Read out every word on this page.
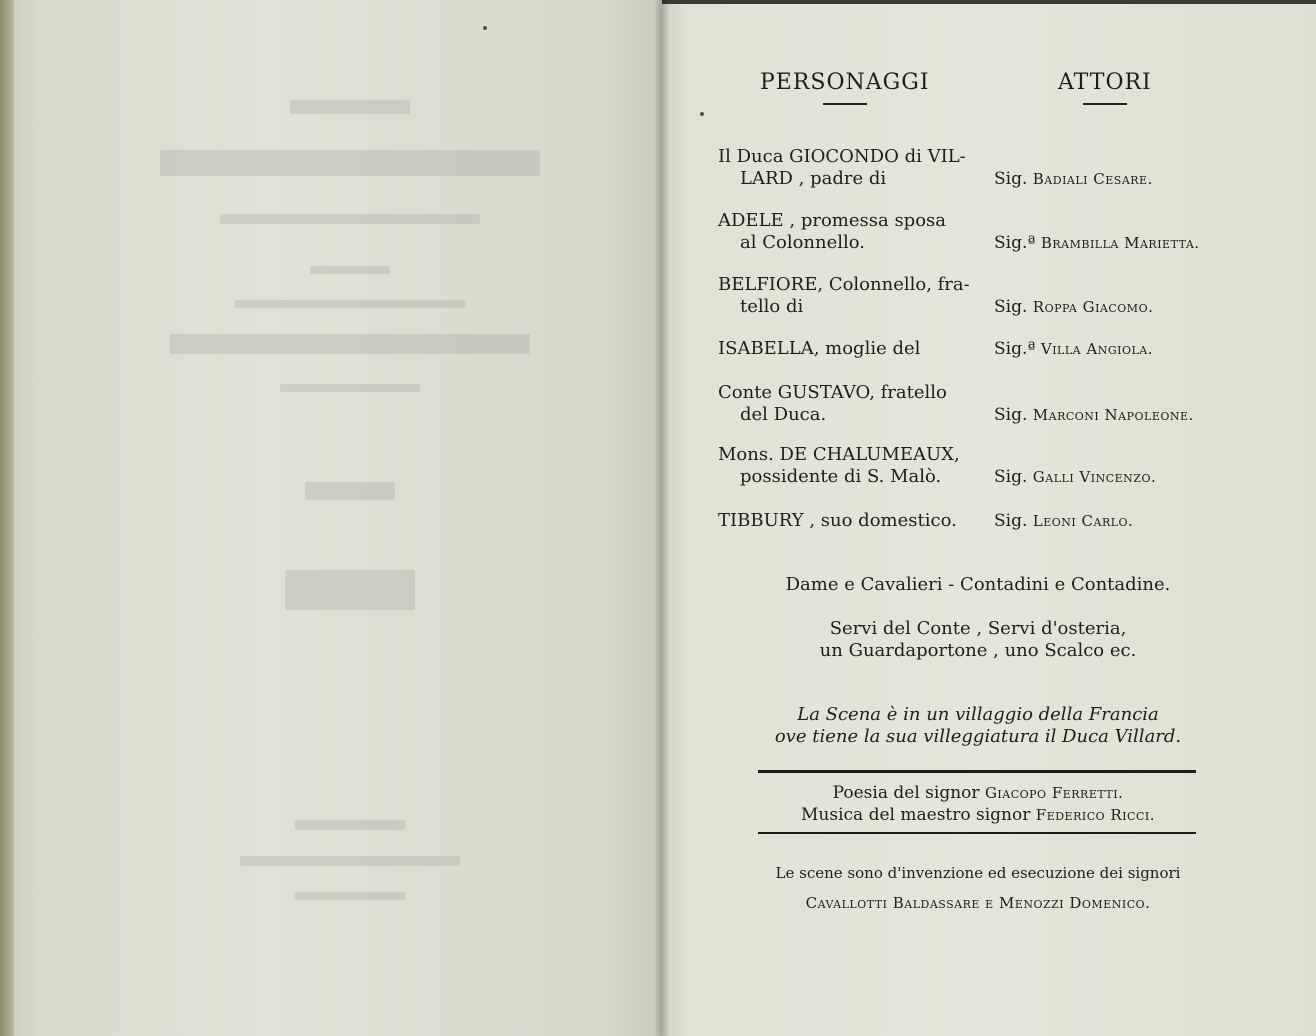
PERSONAGGI	ATTORI
Il Duca GIOCONDO di VIL-
LARD , padre di	Sig. Badiali Cesare.
ADELE , promessa sposa
al Colonnello.	Sig.ª Brambilla Marietta.
BELFIORE, Colonnello, fra-
tello di	Sig. Roppa Giacomo.
ISABELLA, moglie del	Sig.ª Villa Angiola.
Conte GUSTAVO, fratello
del Duca.	Sig. Marconi Napoleone.
Mons. DE CHALUMEAUX,
possidente di S. Malò.	Sig. Galli Vincenzo.
TIBBURY , suo domestico.	Sig. Leoni Carlo.
Dame e Cavalieri - Contadini e Contadine.
Servi del Conte , Servi d'osteria,
un Guardaportone , uno Scalco ec.
La Scena è in un villaggio della Francia
ove tiene la sua villeggiatura il Duca Villard.
Poesia del signor Giacopo Ferretti.
Musica del maestro signor Federico Ricci.
Le scene sono d'invenzione ed esecuzione dei signori
Cavallotti Baldassare e Menozzi Domenico.
